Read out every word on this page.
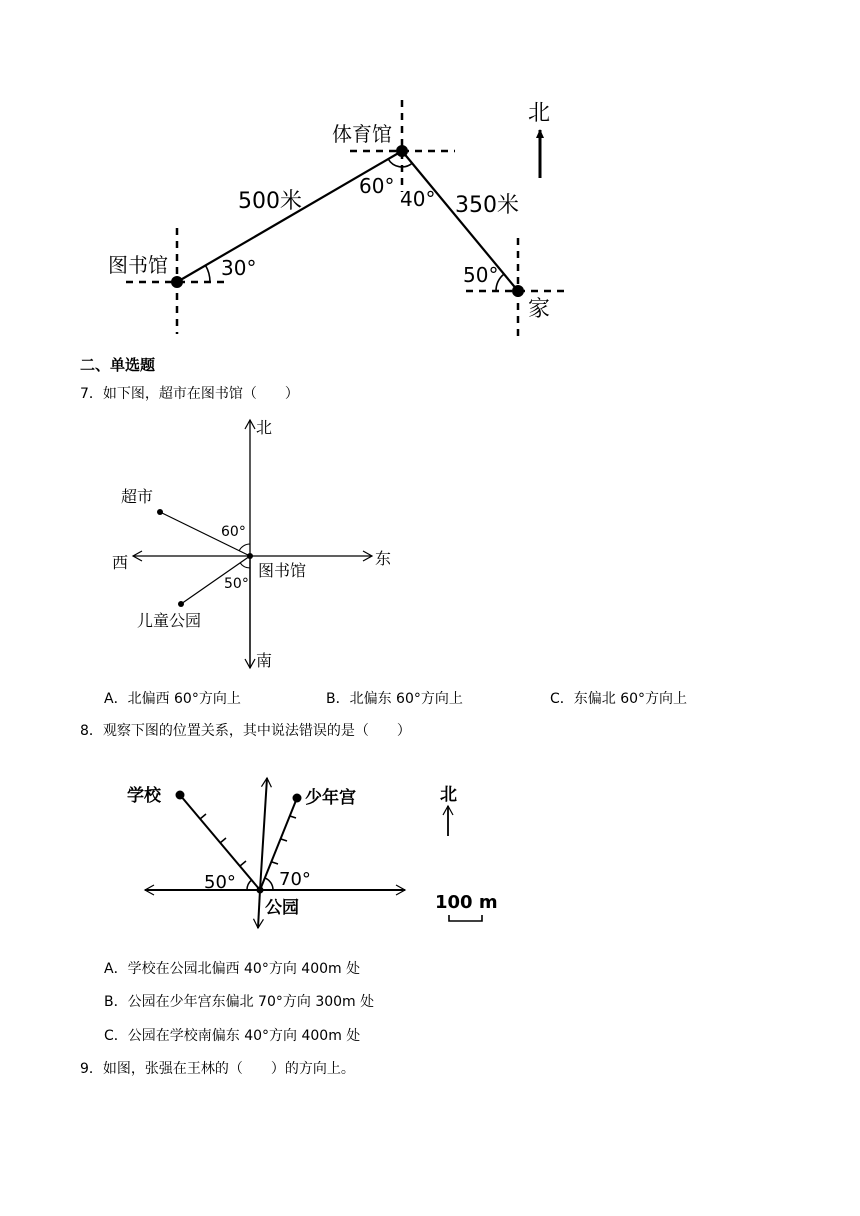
北
体育馆
图书馆
家
500米	350米
30°
60°
40°
50°
北
南
东
西
超市
图书馆
儿童公园
60°
50°
学校	少年宫
公园
50° 70°
北
100 m
二、单选题
7．如下图，超市在图书馆（　　）
A．北偏西 60°方向上	B．北偏东 60°方向上	C．东偏北 60°方向上
8．观察下图的位置关系，其中说法错误的是（　　）
A．学校在公园北偏西 40°方向 400m 处
B．公园在少年宫东偏北 70°方向 300m 处
C．公园在学校南偏东 40°方向 400m 处
9．如图，张强在王林的（　　）的方向上。
